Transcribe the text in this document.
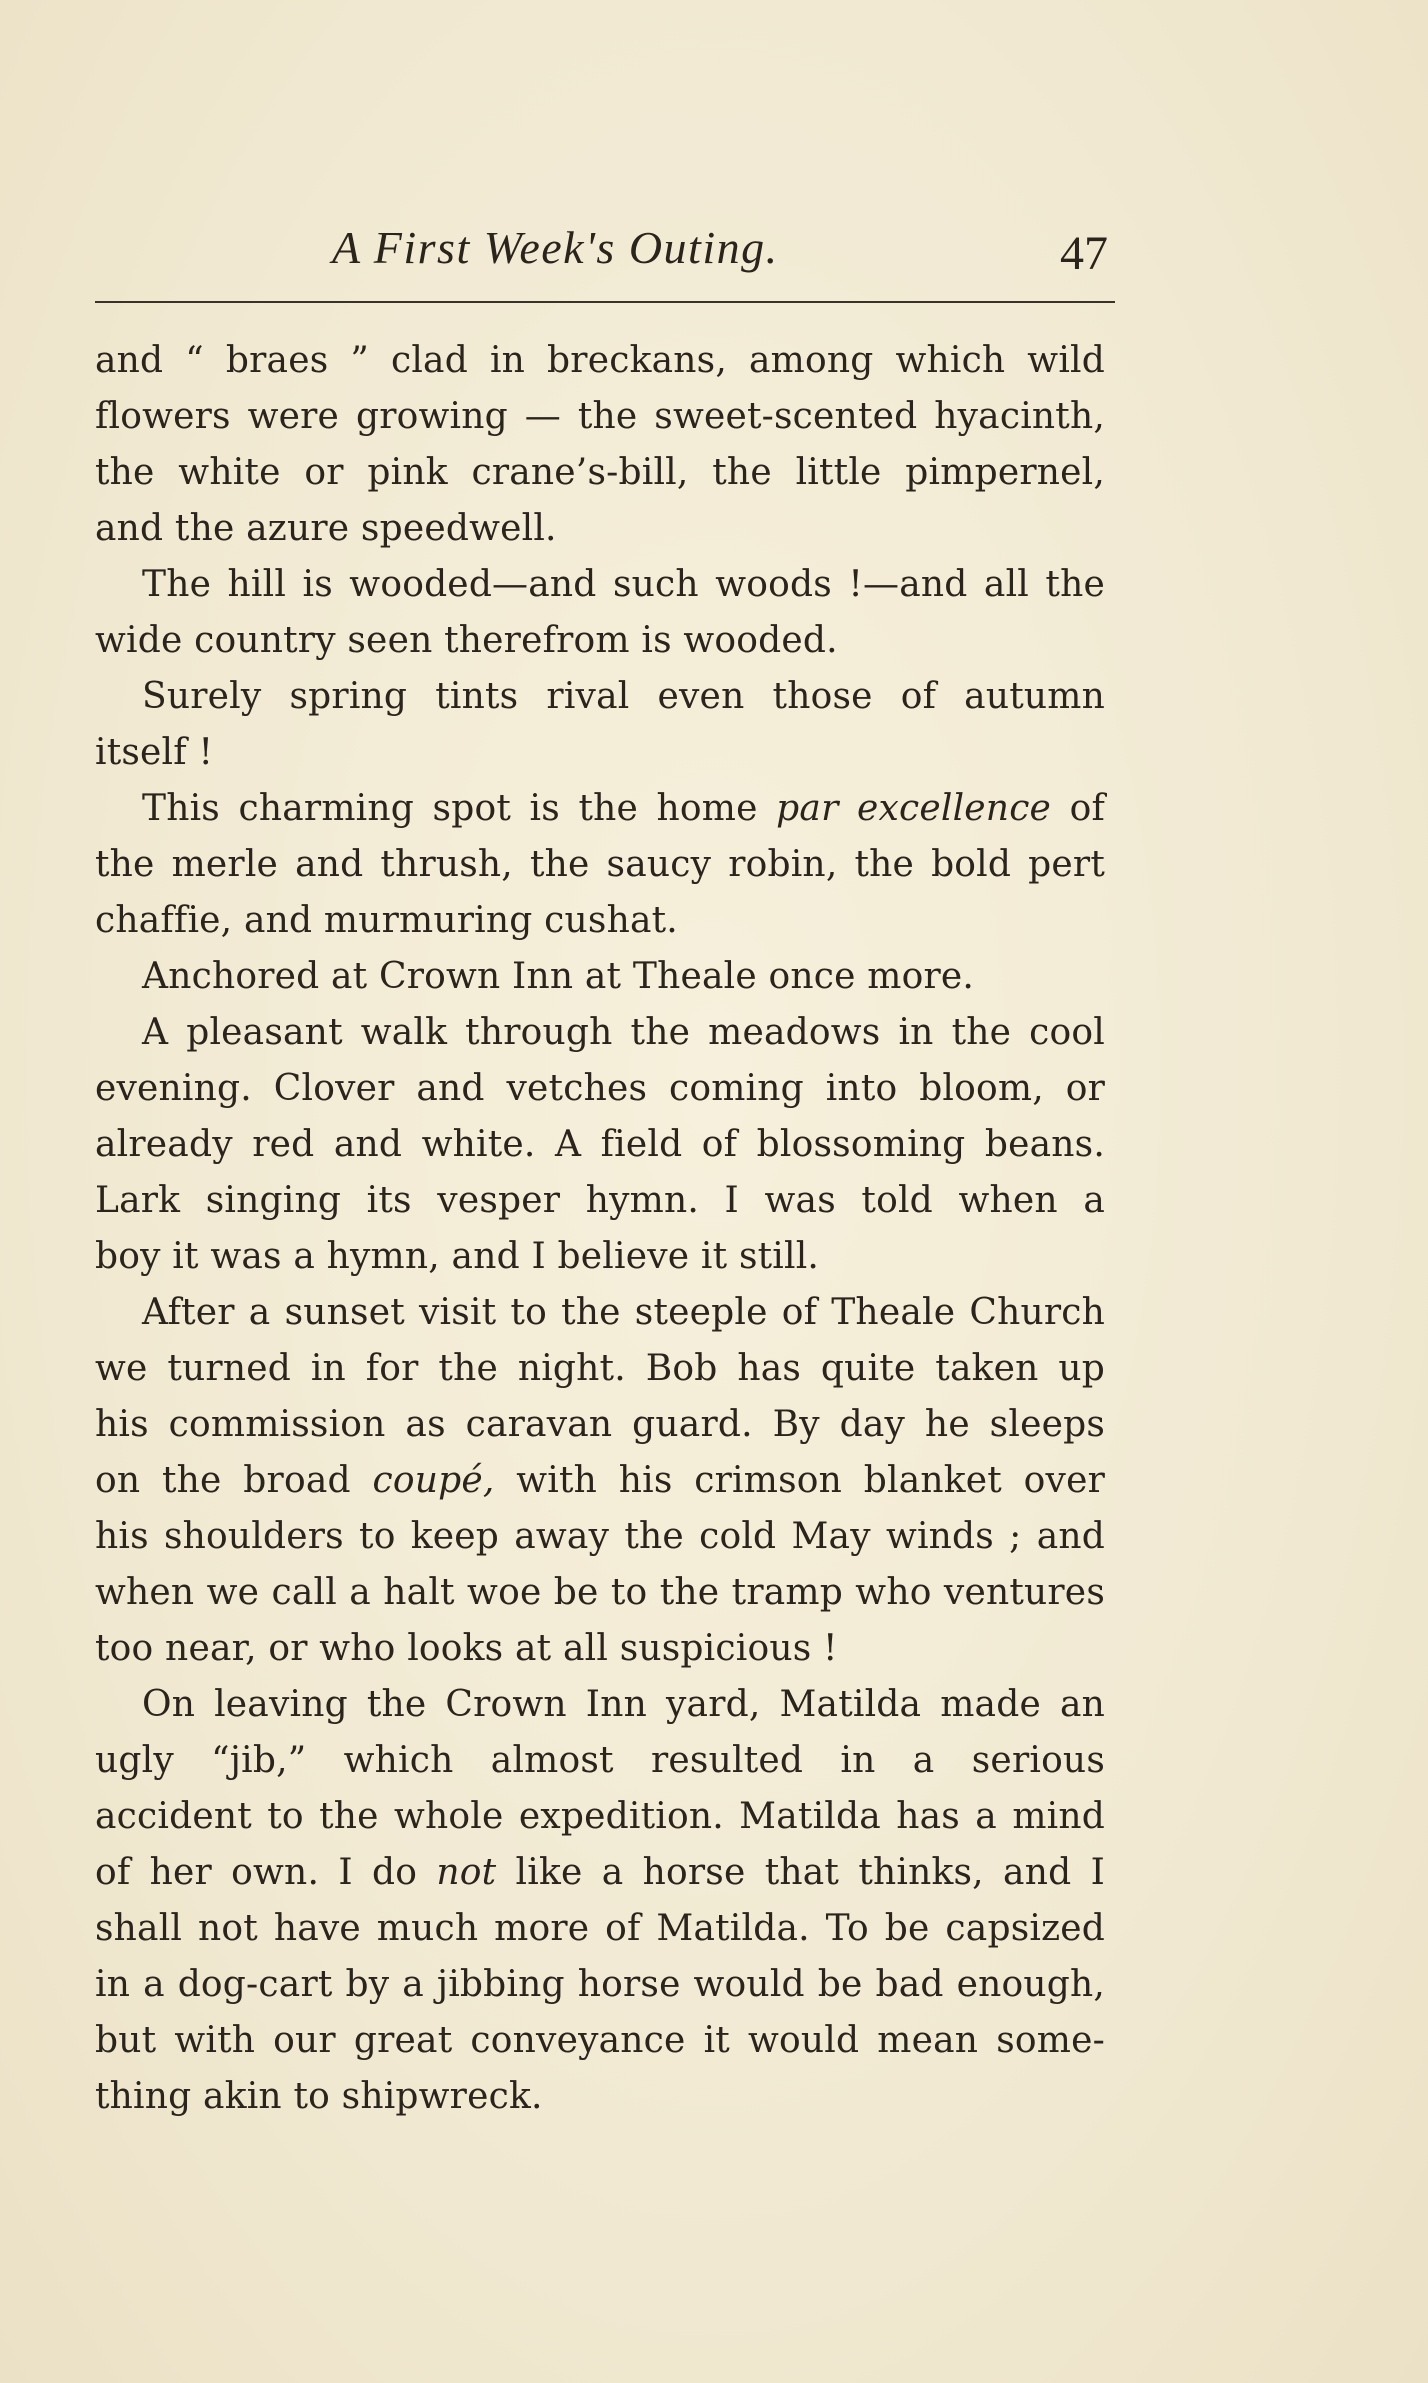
A First Week's Outing.	47
and “ braes ” clad in breckans, among which wild
flowers were growing — the sweet-scented hyacinth,
the white or pink crane’s-bill, the little pimpernel,
and the azure speedwell.
The hill is wooded—and such woods !—and all the
wide country seen therefrom is wooded.
Surely spring tints rival even those of autumn
itself !
This charming spot is the home par excellence of
the merle and thrush, the saucy robin, the bold pert
chaffie, and murmuring cushat.
Anchored at Crown Inn at Theale once more.
A pleasant walk through the meadows in the cool
evening. Clover and vetches coming into bloom, or
already red and white. A field of blossoming beans.
Lark singing its vesper hymn. I was told when a
boy it was a hymn, and I believe it still.
After a sunset visit to the steeple of Theale Church
we turned in for the night. Bob has quite taken up
his commission as caravan guard. By day he sleeps
on the broad coupé, with his crimson blanket over
his shoulders to keep away the cold May winds ; and
when we call a halt woe be to the tramp who ventures
too near, or who looks at all suspicious !
On leaving the Crown Inn yard, Matilda made an
ugly “jib,” which almost resulted in a serious
accident to the whole expedition. Matilda has a mind
of her own. I do not like a horse that thinks, and I
shall not have much more of Matilda. To be capsized
in a dog-cart by a jibbing horse would be bad enough,
but with our great conveyance it would mean some-
thing akin to shipwreck.
